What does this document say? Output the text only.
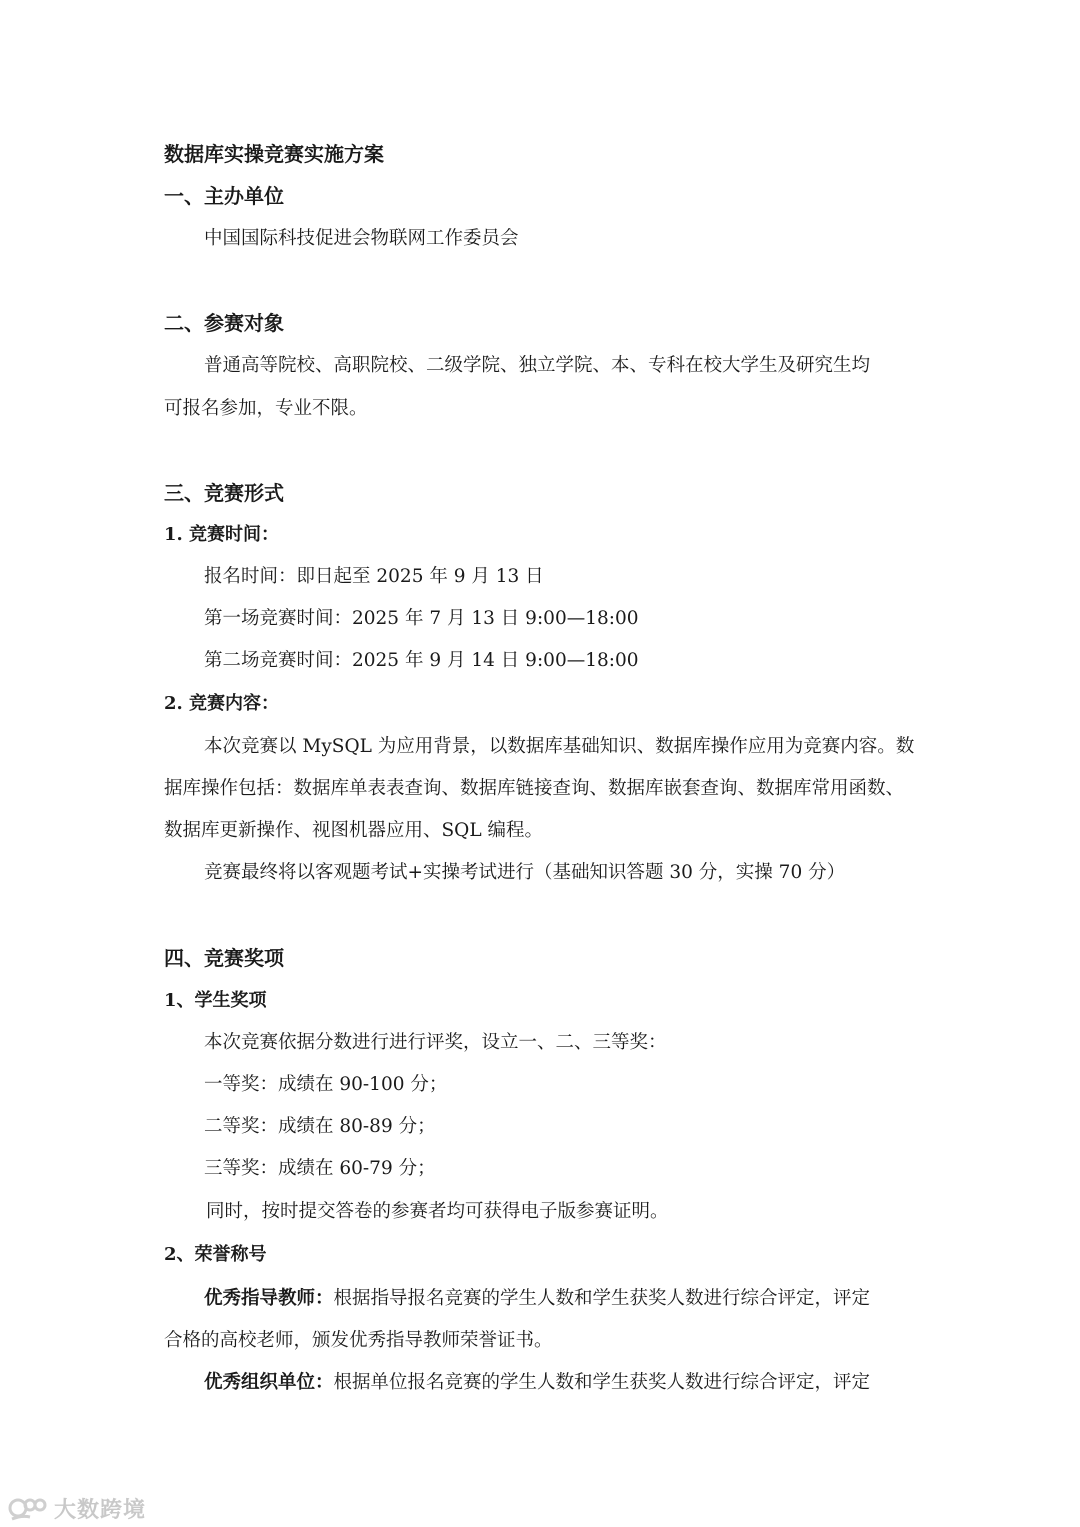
数据库实操竞赛实施方案
一、主办单位
中国国际科技促进会物联网工作委员会
二、参赛对象
普通高等院校、高职院校、二级学院、独立学院、本、专科在校大学生及研究生均
可报名参加，专业不限。
三、竞赛形式
1. 竞赛时间：
报名时间：即日起至 2025 年 9 月 13 日
第一场竞赛时间：2025 年 7 月 13 日 9:00—18:00
第二场竞赛时间：2025 年 9 月 14 日 9:00—18:00
2. 竞赛内容：
本次竞赛以 MySQL 为应用背景，以数据库基础知识、数据库操作应用为竞赛内容。数
据库操作包括：数据库单表表查询、数据库链接查询、数据库嵌套查询、数据库常用函数、
数据库更新操作、视图机器应用、SQL 编程。
竞赛最终将以客观题考试+实操考试进行（基础知识答题 30 分，实操 70 分）
四、竞赛奖项
1、学生奖项
本次竞赛依据分数进行进行评奖，设立一、二、三等奖：
一等奖：成绩在 90-100 分；
二等奖：成绩在 80-89 分；
三等奖：成绩在 60-79 分；
同时，按时提交答卷的参赛者均可获得电子版参赛证明。
2、荣誉称号
优秀指导教师：根据指导报名竞赛的学生人数和学生获奖人数进行综合评定，评定
合格的高校老师，颁发优秀指导教师荣誉证书。
优秀组织单位：根据单位报名竞赛的学生人数和学生获奖人数进行综合评定，评定
大数跨境
